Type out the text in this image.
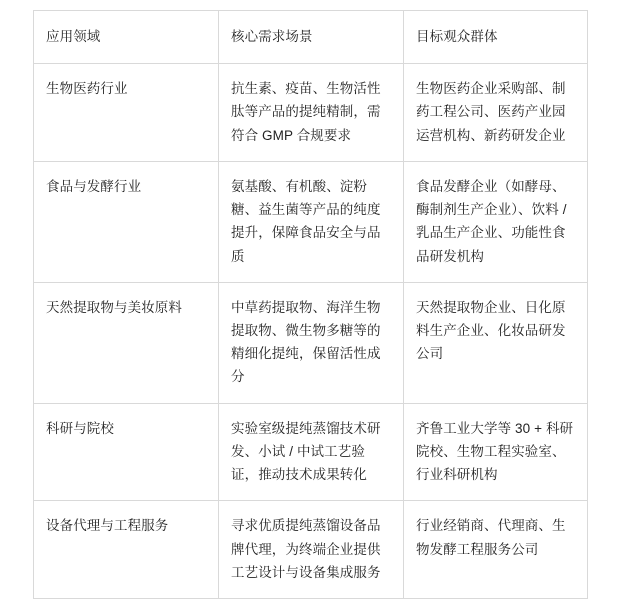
应用领域	核心需求场景	目标观众群体
生物医药行业	抗生素、疫苗、生物活性肽等产品的提纯精制，需符合 GMP 合规要求	生物医药企业采购部、制药工程公司、医药产业园运营机构、新药研发企业
食品与发酵行业	氨基酸、有机酸、淀粉糖、益生菌等产品的纯度提升，保障食品安全与品质	食品发酵企业（如酵母、酶制剂生产企业）、饮料 / 乳品生产企业、功能性食品研发机构
天然提取物与美妆原料	中草药提取物、海洋生物提取物、微生物多糖等的精细化提纯，保留活性成分	天然提取物企业、日化原料生产企业、化妆品研发公司
科研与院校	实验室级提纯蒸馏技术研发、小试 / 中试工艺验证，推动技术成果转化	齐鲁工业大学等 30 + 科研院校、生物工程实验室、行业科研机构
设备代理与工程服务	寻求优质提纯蒸馏设备品牌代理，为终端企业提供工艺设计与设备集成服务	行业经销商、代理商、生物发酵工程服务公司
